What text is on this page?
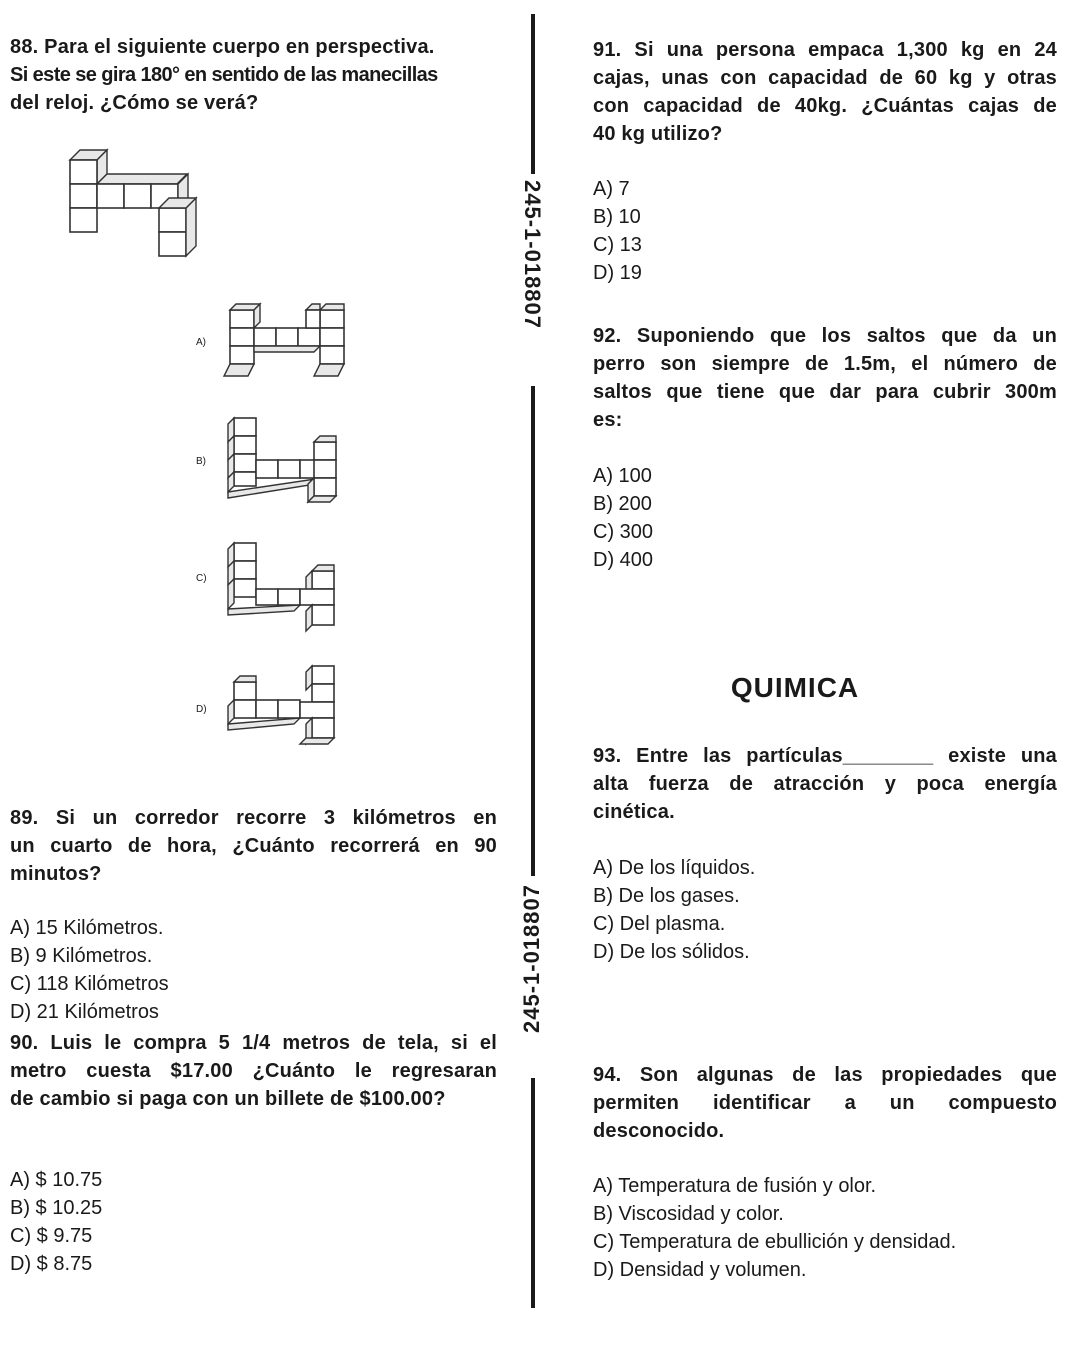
88. Para el siguiente cuerpo en perspectiva.
Si este se gira 180° en sentido de las manecillas
del reloj. ¿Cómo se verá?
A)
B)
C)
D)
89. Si un corredor recorre 3 kilómetros en
un cuarto de hora, ¿Cuánto recorrerá en 90
minutos?
A) 15 Kilómetros.
B) 9 Kilómetros.
C) 118 Kilómetros
D) 21 Kilómetros
90. Luis le compra 5 1/4 metros de tela, si el
metro cuesta $17.00 ¿Cuánto le regresaran
de cambio si paga con un billete de $100.00?
A) $ 10.75
B) $ 10.25
C) $ 9.75
D) $ 8.75
245-1-018807
245-1-018807
91. Si una persona empaca 1,300 kg en 24
cajas, unas con capacidad de 60 kg y otras
con capacidad de 40kg. ¿Cuántas cajas de
40 kg utilizo?
A) 7
B) 10
C) 13
D) 19
92. Suponiendo que los saltos que da un
perro son siempre de 1.5m, el número de
saltos que tiene que dar para cubrir 300m
es:
A) 100
B) 200
C) 300
D) 400
QUIMICA
93. Entre las partículas________ existe una
alta fuerza de atracción y poca energía
cinética.
A) De los líquidos.
B) De los gases.
C) Del plasma.
D) De los sólidos.
94. Son algunas de las propiedades que
permiten identificar a un compuesto
desconocido.
A) Temperatura de fusión y olor.
B) Viscosidad y color.
C) Temperatura de ebullición y densidad.
D) Densidad y volumen.
